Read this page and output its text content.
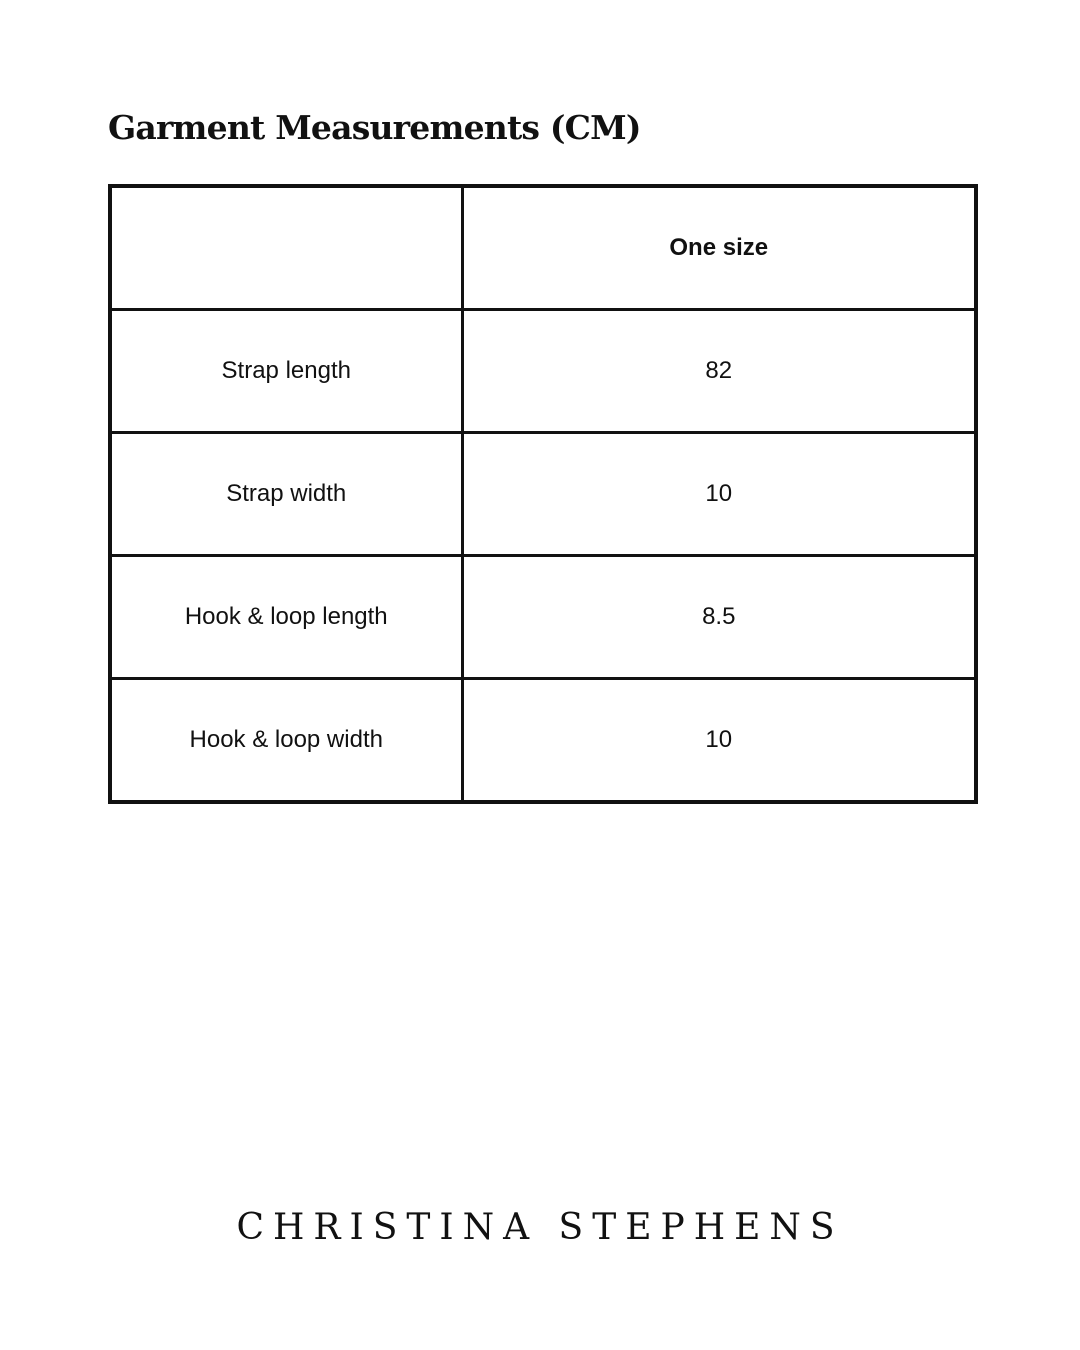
Garment Measurements (CM)
	One size
Strap length	82
Strap width	10
Hook & loop length	8.5
Hook & loop width	10
CHRISTINA STEPHENS
